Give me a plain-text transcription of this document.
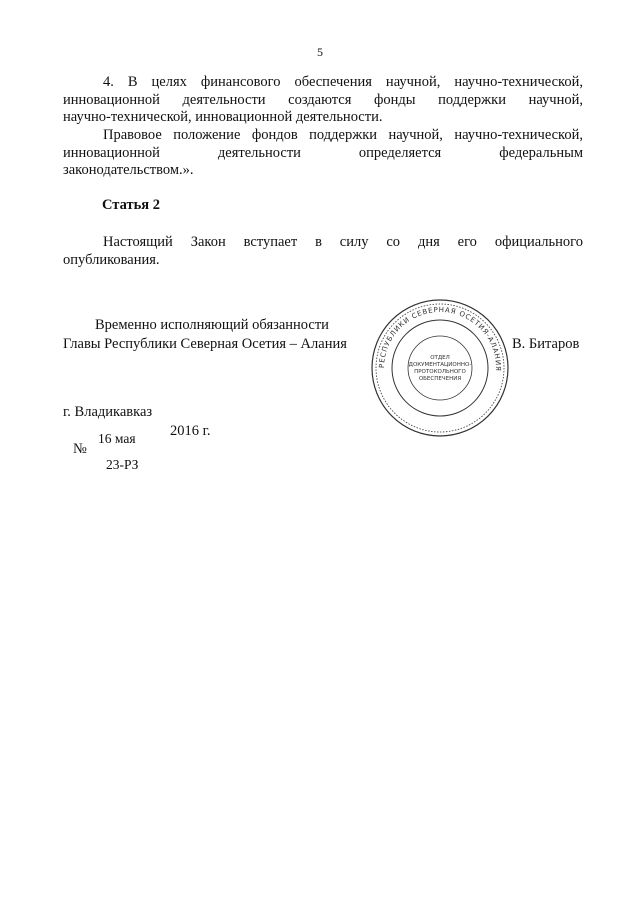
5
4. В целях финансового обеспечения научной, научно-технической,
инновационной деятельности создаются фонды поддержки научной,
научно-технической, инновационной деятельности.
Правовое положение фондов поддержки научной, научно-технической,
инновационной деятельности определяется федеральным
законодательством.».
Статья 2
Настоящий Закон вступает в силу со дня его официального
опубликования.
Временно исполняющий обязанности
Главы Республики Северная Осетия – Алания	В. Битаров
РЕСПУБЛИКИ СЕВЕРНАЯ ОСЕТИЯ-АЛАНИЯ
ОТДЕЛ
ДОКУМЕНТАЦИОННО-
ПРОТОКОЛЬНОГО
ОБЕСПЕЧЕНИЯ
г. Владикавказ
2016 г.
16 мая
№
23-РЗ
